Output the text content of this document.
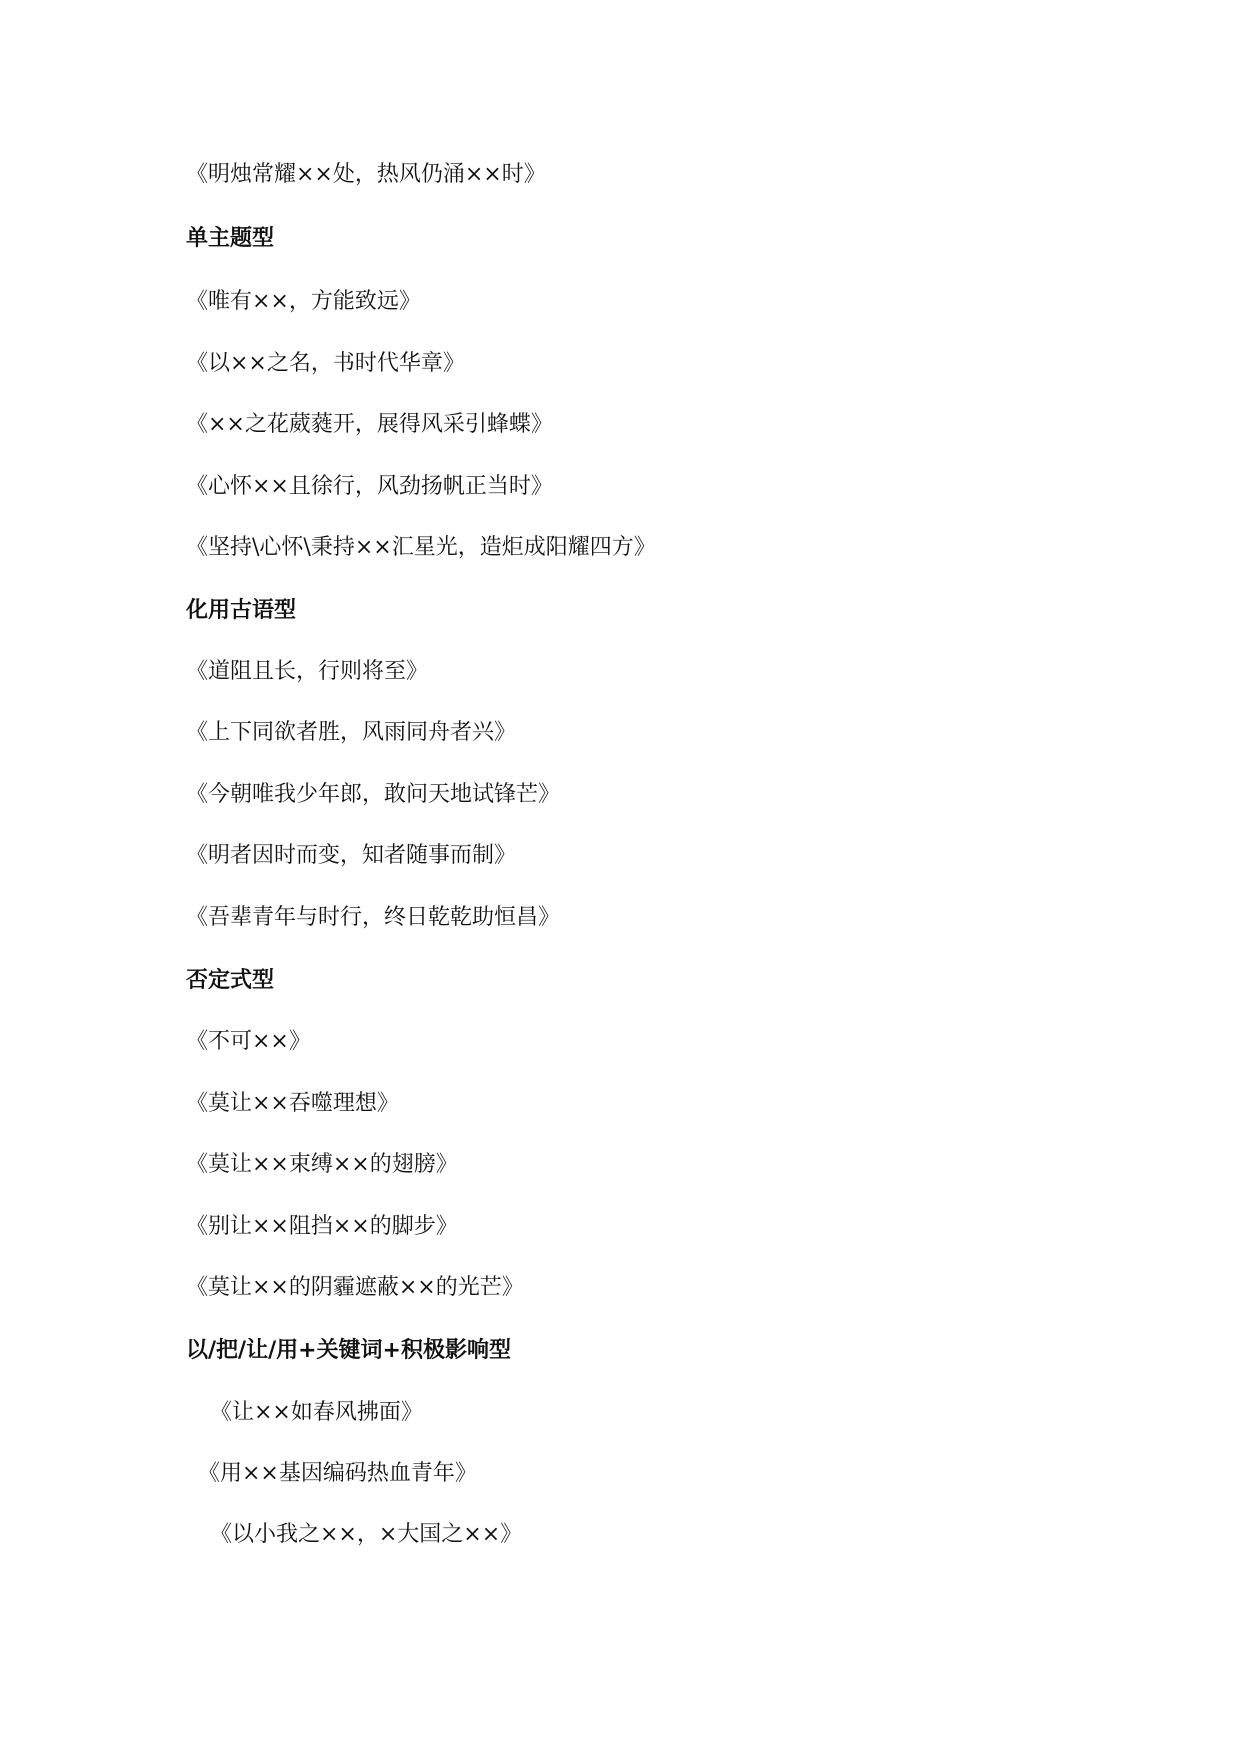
《明烛常耀××处，热风仍涌××时》
单主题型
《唯有××，方能致远》
《以××之名，书时代华章》
《××之花葳蕤开，展得风采引蜂蝶》
《心怀××且徐行，风劲扬帆正当时》
《坚持\心怀\秉持××汇星光，造炬成阳耀四方》
化用古语型
《道阻且长，行则将至》
《上下同欲者胜，风雨同舟者兴》
《今朝唯我少年郎，敢问天地试锋芒》
《明者因时而变，知者随事而制》
《吾辈青年与时行，终日乾乾助恒昌》
否定式型
《不可××》
《莫让××吞噬理想》
《莫让××束缚××的翅膀》
《别让××阻挡××的脚步》
《莫让××的阴霾遮蔽××的光芒》
以/把/让/用+关键词+积极影响型
《让××如春风拂面》
《用××基因编码热血青年》
《以小我之××，×大国之××》
